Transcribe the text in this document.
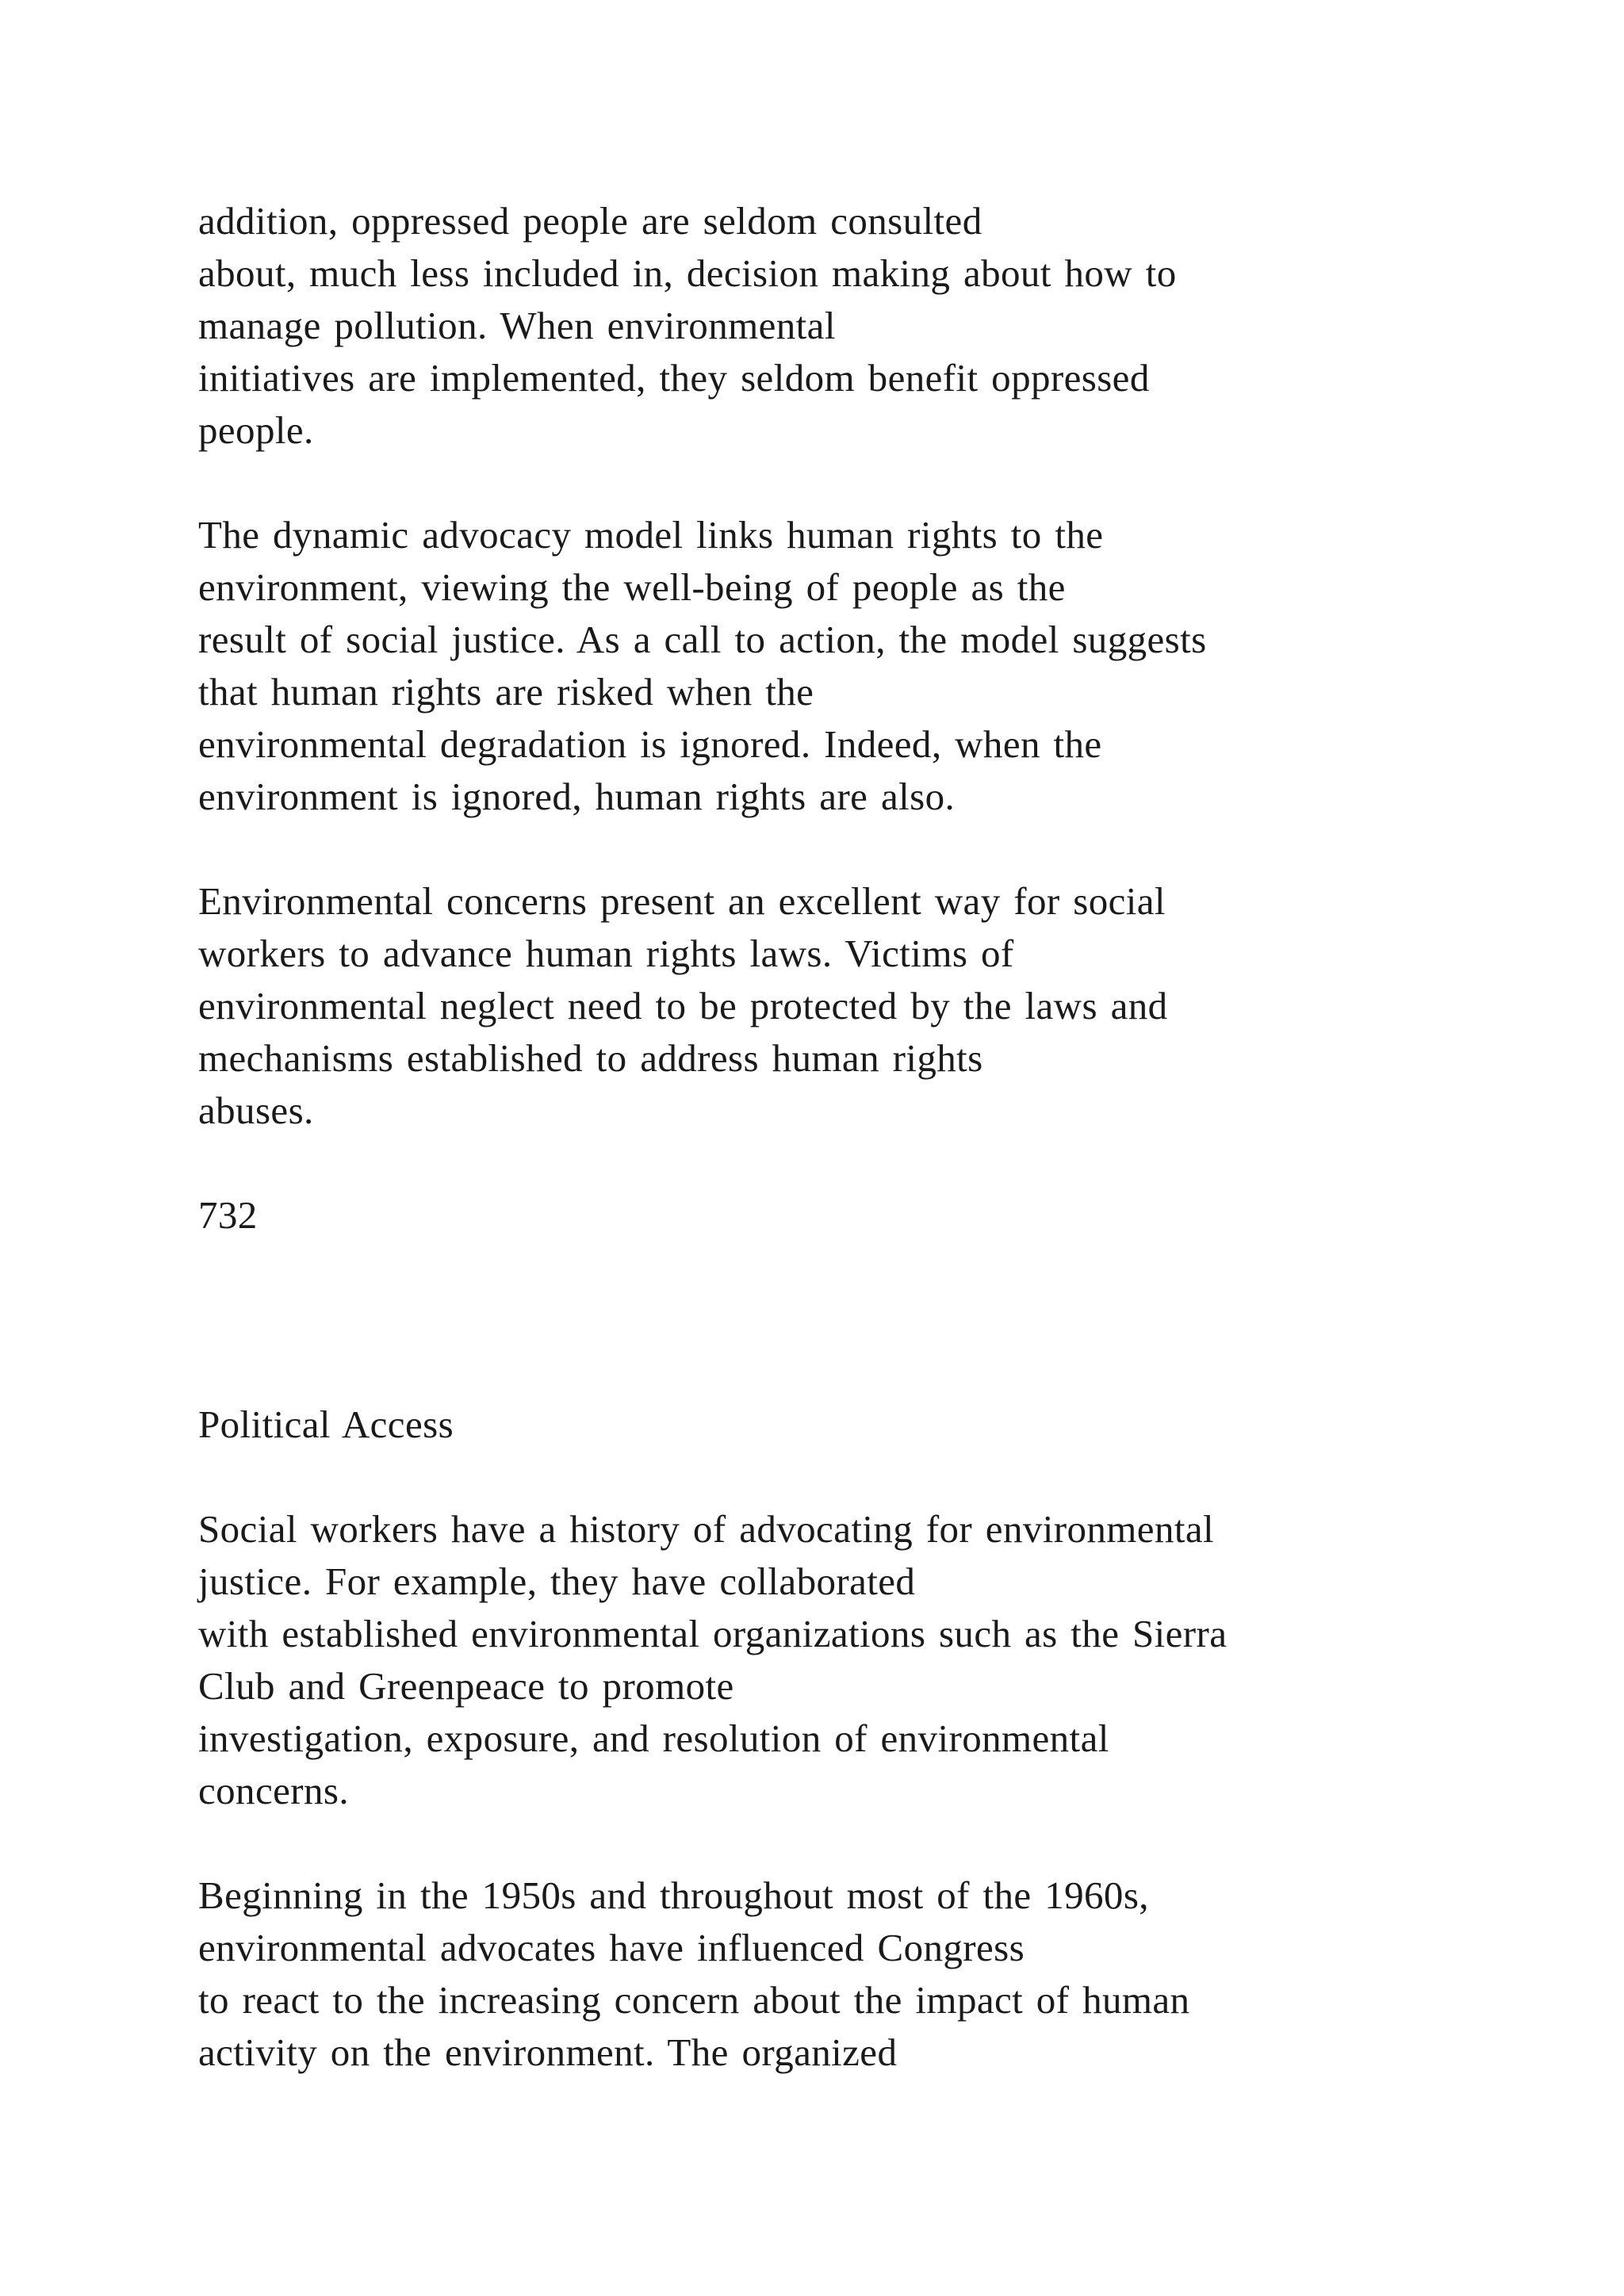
addition, oppressed people are seldom consulted
about, much less included in, decision making about how to
manage pollution. When environmental
initiatives are implemented, they seldom benefit oppressed
people.
The dynamic advocacy model links human rights to the
environment, viewing the well-being of people as the
result of social justice. As a call to action, the model suggests
that human rights are risked when the
environmental degradation is ignored. Indeed, when the
environment is ignored, human rights are also.
Environmental concerns present an excellent way for social
workers to advance human rights laws. Victims of
environmental neglect need to be protected by the laws and
mechanisms established to address human rights
abuses.
732
Political Access
Social workers have a history of advocating for environmental
justice. For example, they have collaborated
with established environmental organizations such as the Sierra
Club and Greenpeace to promote
investigation, exposure, and resolution of environmental
concerns.
Beginning in the 1950s and throughout most of the 1960s,
environmental advocates have influenced Congress
to react to the increasing concern about the impact of human
activity on the environment. The organized
